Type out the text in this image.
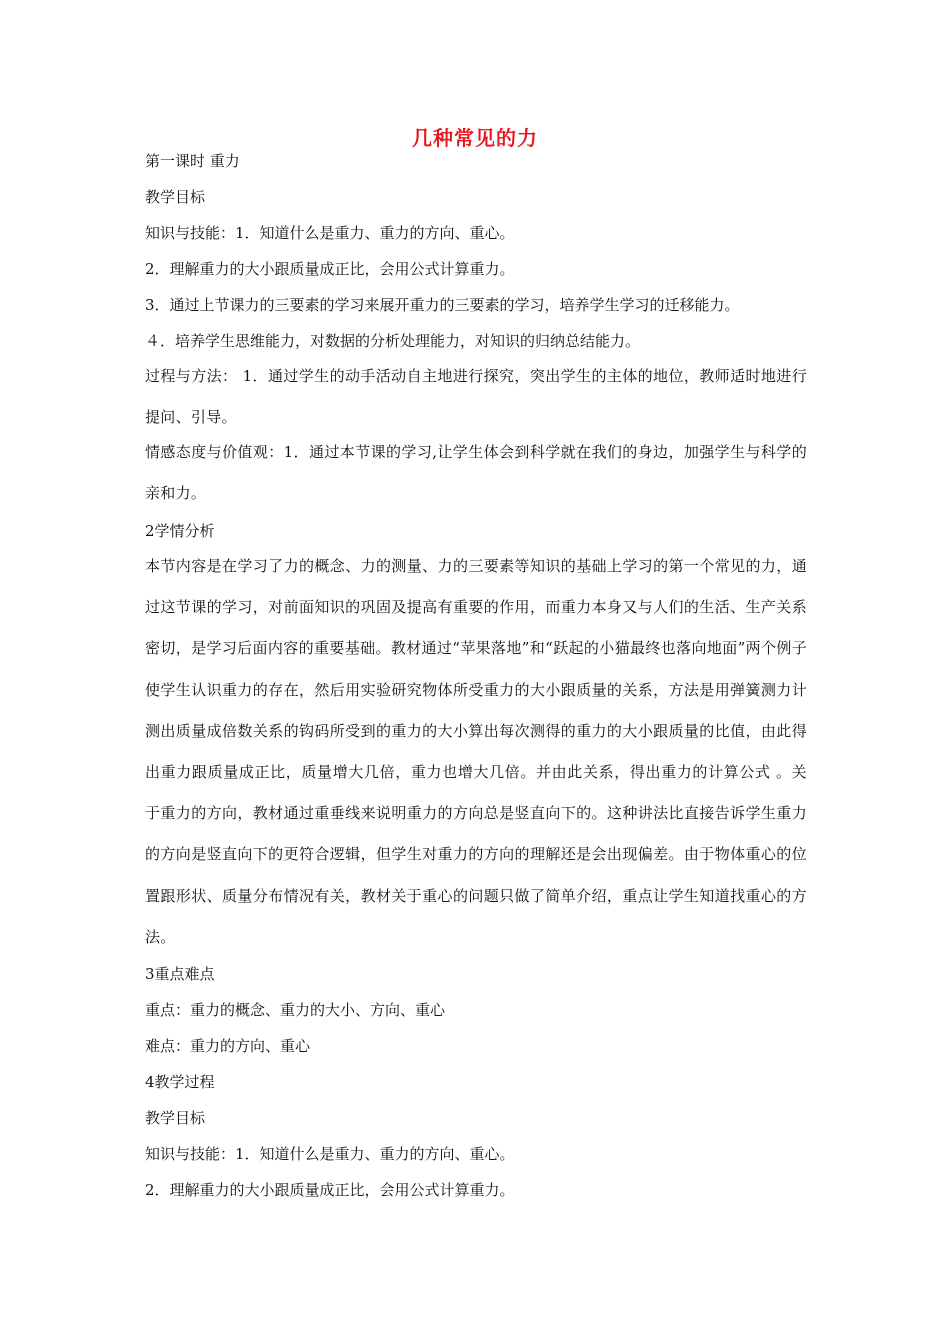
几种常见的力
第一课时 重力
教学目标
知识与技能：1．知道什么是重力、重力的方向、重心。
2．理解重力的大小跟质量成正比，会用公式计算重力。
3．通过上节课力的三要素的学习来展开重力的三要素的学习，培养学生学习的迁移能力。
４．培养学生思维能力，对数据的分析处理能力，对知识的归纳总结能力。
过程与方法： 1．通过学生的动手活动自主地进行探究，突出学生的主体的地位，教师适时地进行提问、引导。
情感态度与价值观：1．通过本节课的学习,让学生体会到科学就在我们的身边，加强学生与科学的亲和力。
2学情分析
本节内容是在学习了力的概念、力的测量、力的三要素等知识的基础上学习的第一个常见的力，通过这节课的学习，对前面知识的巩固及提高有重要的作用，而重力本身又与人们的生活、生产关系密切，是学习后面内容的重要基础。教材通过“苹果落地”和“跃起的小猫最终也落向地面”两个例子使学生认识重力的存在，然后用实验研究物体所受重力的大小跟质量的关系，方法是用弹簧测力计测出质量成倍数关系的钩码所受到的重力的大小算出每次测得的重力的大小跟质量的比值，由此得出重力跟质量成正比，质量增大几倍，重力也增大几倍。并由此关系，得出重力的计算公式 。关于重力的方向，教材通过重垂线来说明重力的方向总是竖直向下的。这种讲法比直接告诉学生重力的方向是竖直向下的更符合逻辑，但学生对重力的方向的理解还是会出现偏差。由于物体重心的位置跟形状、质量分布情况有关，教材关于重心的问题只做了简单介绍，重点让学生知道找重心的方法。
3重点难点
重点：重力的概念、重力的大小、方向、重心
难点：重力的方向、重心
4教学过程
教学目标
知识与技能：1．知道什么是重力、重力的方向、重心。
2．理解重力的大小跟质量成正比，会用公式计算重力。
